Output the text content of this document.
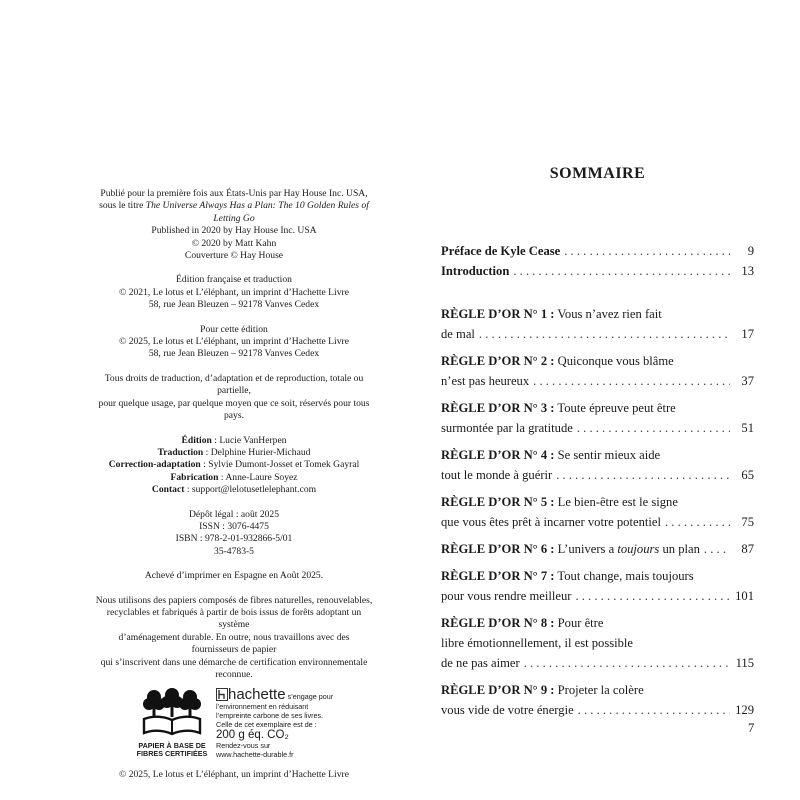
Publié pour la première fois aux États-Unis par Hay House Inc. USA,

sous le titre The Universe Always Has a Plan: The 10 Golden Rules of Letting Go

Published in 2020 by Hay House Inc. USA

© 2020 by Matt Kahn

Couverture © Hay House

Édition française et traduction

© 2021, Le lotus et L’éléphant, un imprint d’Hachette Livre

58, rue Jean Bleuzen – 92178 Vanves Cedex

Pour cette édition

© 2025, Le lotus et L’éléphant, un imprint d’Hachette Livre

58, rue Jean Bleuzen – 92178 Vanves Cedex

Tous droits de traduction, d’adaptation et de reproduction, totale ou partielle,

pour quelque usage, par quelque moyen que ce soit, réservés pour tous pays.

Édition : Lucie VanHerpen

Traduction : Delphine Hurier-Michaud

Correction-adaptation : Sylvie Dumont-Josset et Tomek Gayral

Fabrication : Anne-Laure Soyez

Contact : support@lelotusetlelephant.com

Dépôt légal : août 2025

ISSN : 3076-4475

ISBN : 978-2-01-932866-5/01

35-4783-5

Achevé d’imprimer en Espagne en Août 2025.

Nous utilisons des papiers composés de fibres naturelles, renouvelables,

recyclables et fabriqués à partir de bois issus de forêts adoptant un système

d’aménagement durable. En outre, nous travaillons avec des fournisseurs de papier

qui s’inscrivent dans une démarche de certification environnementale reconnue.

PAPIER À BASE DE
FIBRES CERTIFIÉES
hachette s’engage pour
l’environnement en réduisant
l’empreinte carbone de ses livres.
Celle de cet exemplaire est de :
200 g éq. CO₂
Rendez-vous sur
www.hachette-durable.fr

© 2025, Le lotus et L’éléphant, un imprint d’Hachette Livre

SOMMAIRE
Préface de Kyle Cease . . .	9
Introduction . . .	13
RÈGLE D’OR N° 1 : Vous n’avez rien fait
de mal . . .	17
RÈGLE D’OR N° 2 : Quiconque vous blâme
n’est pas heureux . . .	37
RÈGLE D’OR N° 3 : Toute épreuve peut être
surmontée par la gratitude . . .	51
RÈGLE D’OR N° 4 : Se sentir mieux aide
tout le monde à guérir . . .	65
RÈGLE D’OR N° 5 : Le bien-être est le signe
que vous êtes prêt à incarner votre potentiel . . .	75
RÈGLE D’OR N° 6 : L’univers a toujours un plan . . .	87
RÈGLE D’OR N° 7 : Tout change, mais toujours
pour vous rendre meilleur . . .	101
RÈGLE D’OR N° 8 : Pour être
libre émotionnellement, il est possible
de ne pas aimer . . .	115
RÈGLE D’OR N° 9 : Projeter la colère
vous vide de votre énergie . . .	129
7
